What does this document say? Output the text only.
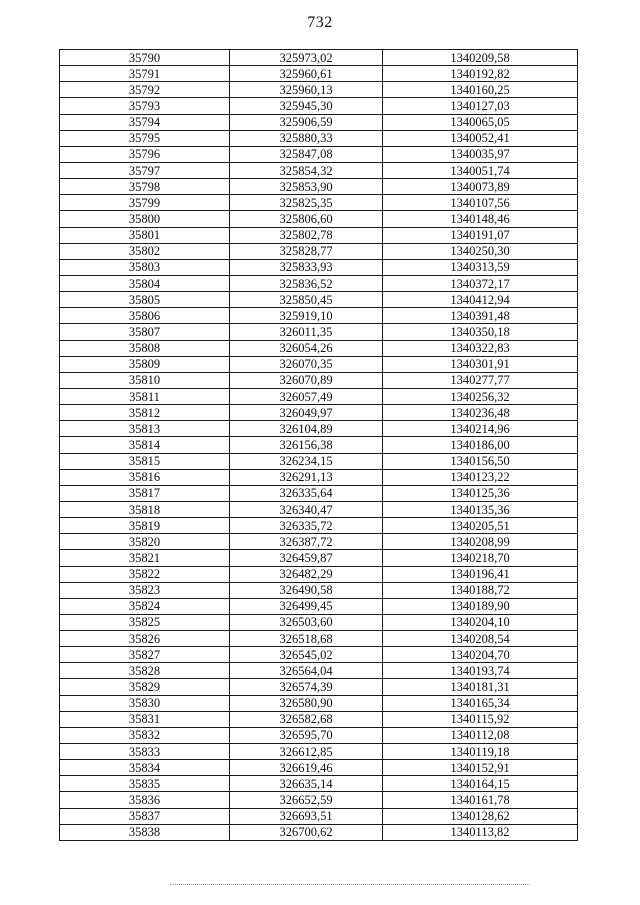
732
35790	325973,02	1340209,58
35791	325960,61	1340192,82
35792	325960,13	1340160,25
35793	325945,30	1340127,03
35794	325906,59	1340065,05
35795	325880,33	1340052,41
35796	325847,08	1340035,97
35797	325854,32	1340051,74
35798	325853,90	1340073,89
35799	325825,35	1340107,56
35800	325806,60	1340148,46
35801	325802,78	1340191,07
35802	325828,77	1340250,30
35803	325833,93	1340313,59
35804	325836,52	1340372,17
35805	325850,45	1340412,94
35806	325919,10	1340391,48
35807	326011,35	1340350,18
35808	326054,26	1340322,83
35809	326070,35	1340301,91
35810	326070,89	1340277,77
35811	326057,49	1340256,32
35812	326049,97	1340236,48
35813	326104,89	1340214,96
35814	326156,38	1340186,00
35815	326234,15	1340156,50
35816	326291,13	1340123,22
35817	326335,64	1340125,36
35818	326340,47	1340135,36
35819	326335,72	1340205,51
35820	326387,72	1340208,99
35821	326459,87	1340218,70
35822	326482,29	1340196,41
35823	326490,58	1340188,72
35824	326499,45	1340189,90
35825	326503,60	1340204,10
35826	326518,68	1340208,54
35827	326545,02	1340204,70
35828	326564,04	1340193,74
35829	326574,39	1340181,31
35830	326580,90	1340165,34
35831	326582,68	1340115,92
35832	326595,70	1340112,08
35833	326612,85	1340119,18
35834	326619,46	1340152,91
35835	326635,14	1340164,15
35836	326652,59	1340161,78
35837	326693,51	1340128,62
35838	326700,62	1340113,82
